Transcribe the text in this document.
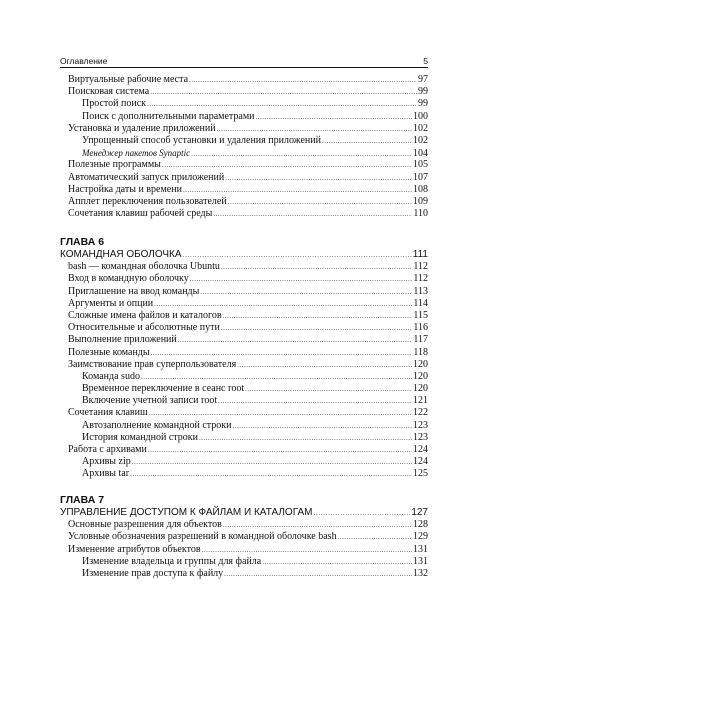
Оглавление	5
Виртуальные рабочие места .....	97
Поисковая система .....	99
Простой поиск .....	99
Поиск с дополнительными параметрами .....	100
Установка и удаление приложений .....	102
Упрощенный способ установки и удаления приложений .....	102
Менеджер пакетов Synaptic .....	104
Полезные программы .....	105
Автоматический запуск приложений .....	107
Настройка даты и времени .....	108
Апплет переключения пользователей .....	109
Сочетания клавиш рабочей среды .....	110
ГЛАВА 6
КОМАНДНАЯ ОБОЛОЧКА .....	111
bash — командная оболочка Ubuntu .....	112
Вход в командную оболочку .....	112
Приглашение на ввод команды .....	113
Аргументы и опции .....	114
Сложные имена файлов и каталогов .....	115
Относительные и абсолютные пути .....	116
Выполнение приложений .....	117
Полезные команды .....	118
Заимствование прав суперпользователя .....	120
Команда sudo .....	120
Временное переключение в сеанс root .....	120
Включение учетной записи root .....	121
Сочетания клавиш .....	122
Автозаполнение командной строки .....	123
История командной строки .....	123
Работа с архивами .....	124
Архивы zip .....	124
Архивы tar .....	125
ГЛАВА 7
УПРАВЛЕНИЕ ДОСТУПОМ К ФАЙЛАМ И КАТАЛОГАМ .....	127
Основные разрешения для объектов .....	128
Условные обозначения разрешений в командной оболочке bash .....	129
Изменение атрибутов объектов .....	131
Изменение владельца и группы для файла .....	131
Изменение прав доступа к файлу .....	132
